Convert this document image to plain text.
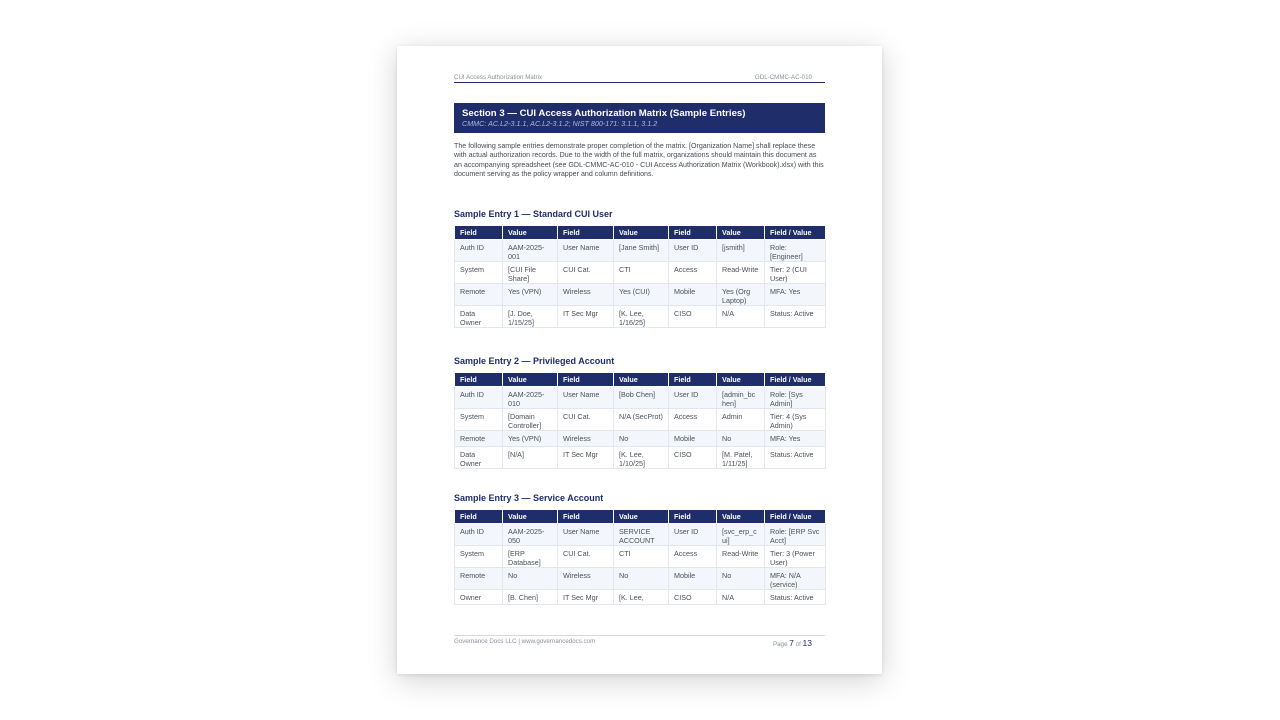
CUI Access Authorization Matrix	GDL-CMMC-AC-010
Section 3 — CUI Access Authorization Matrix (Sample Entries)
CMMC: AC.L2-3.1.1, AC.L2-3.1.2; NIST 800-171: 3.1.1, 3.1.2

The following sample entries demonstrate proper completion of the matrix. [Organization Name] shall replace these with actual authorization records. Due to the width of the full matrix, organizations should maintain this document as an accompanying spreadsheet (see GDL-CMMC-AC-010 - CUI Access Authorization Matrix (Workbook).xlsx) with this document serving as the policy wrapper and column definitions.

Sample Entry 1 — Standard CUI User
Field	Value	Field	Value	Field	Value	Field / Value
Auth ID	AAM-2025-001	User Name	[Jane Smith]	User ID	[jsmith]	Role: [Engineer]
System	[CUI File Share]	CUI Cat.	CTI	Access	Read-Write	Tier: 2 (CUI User)
Remote	Yes (VPN)	Wireless	Yes (CUI)	Mobile	Yes (Org Laptop)	MFA: Yes
Data Owner	[J. Doe, 1/15/25]	IT Sec Mgr	[K. Lee, 1/16/25]	CISO	N/A	Status: Active
Sample Entry 2 — Privileged Account
Field	Value	Field	Value	Field	Value	Field / Value
Auth ID	AAM-2025-010	User Name	[Bob Chen]	User ID	[admin_bchen]	Role: [Sys Admin]
System	[Domain Controller]	CUI Cat.	N/A (SecProt)	Access	Admin	Tier: 4 (Sys Admin)
Remote	Yes (VPN)	Wireless	No	Mobile	No	MFA: Yes
Data Owner	[N/A]	IT Sec Mgr	[K. Lee, 1/10/25]	CISO	[M. Patel, 1/11/25]	Status: Active
Sample Entry 3 — Service Account
Field	Value	Field	Value	Field	Value	Field / Value
Auth ID	AAM-2025-050	User Name	SERVICE ACCOUNT	User ID	[svc_erp_cui]	Role: [ERP Svc Acct]
System	[ERP Database]	CUI Cat.	CTI	Access	Read-Write	Tier: 3 (Power User)
Remote	No	Wireless	No	Mobile	No	MFA: N/A (service)
Owner	[B. Chen]	IT Sec Mgr	[K. Lee,	CISO	N/A	Status: Active
Governance Docs LLC | www.governancedocs.com	Page 7 of 13
